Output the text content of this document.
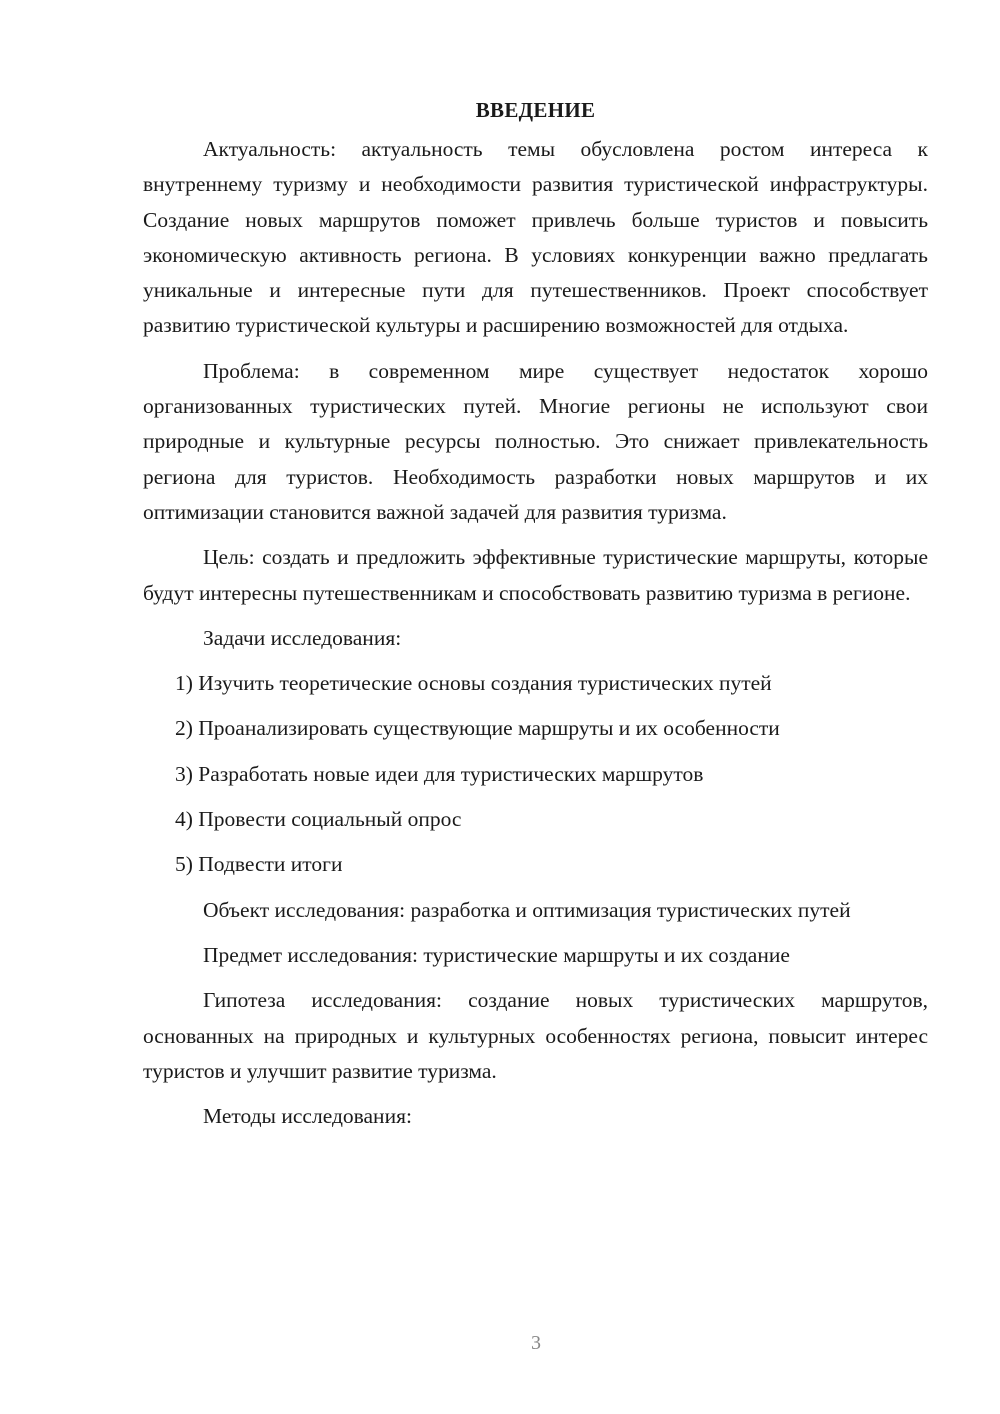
ВВЕДЕНИЕ

Актуальность: актуальность темы обусловлена ростом интереса к внутреннему туризму и необходимости развития туристической инфраструктуры. Создание новых маршрутов поможет привлечь больше туристов и повысить экономическую активность региона. В условиях конкуренции важно предлагать уникальные и интересные пути для путешественников. Проект способствует развитию туристической культуры и расширению возможностей для отдыха.

Проблема: в современном мире существует недостаток хорошо организованных туристических путей. Многие регионы не используют свои природные и культурные ресурсы полностью. Это снижает привлекательность региона для туристов. Необходимость разработки новых маршрутов и их оптимизации становится важной задачей для развития туризма.

Цель: создать и предложить эффективные туристические маршруты, которые будут интересны путешественникам и способствовать развитию туризма в регионе.

Задачи исследования:

1) Изучить теоретические основы создания туристических путей
2) Проанализировать существующие маршруты и их особенности
3) Разработать новые идеи для туристических маршрутов
4) Провести социальный опрос
5) Подвести итоги

Объект исследования: разработка и оптимизация туристических путей

Предмет исследования: туристические маршруты и их создание

Гипотеза исследования: создание новых туристических маршрутов, основанных на природных и культурных особенностях региона, повысит интерес туристов и улучшит развитие туризма.

Методы исследования:

3
